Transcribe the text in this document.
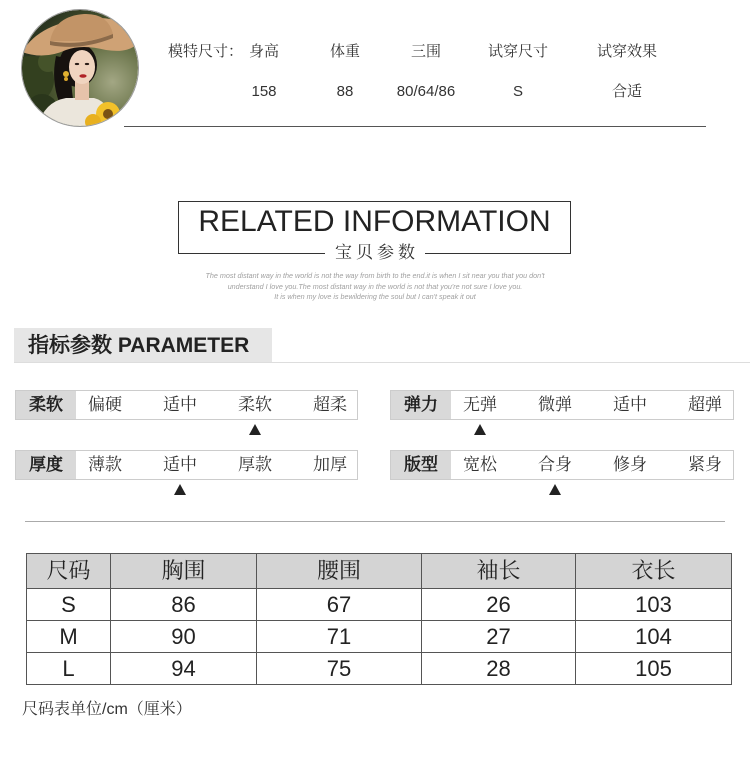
模特尺寸： 身高	体重	三围	试穿尺寸	试穿效果
158	88	80/64/86	S	合适
RELATED INFORMATION
宝贝参数
The most distant way in the world is not the way from birth to the end.it is when I sit near you that you don't
understand I love you.The most distant way in the world is not that you're not sure I love you.
It is when my love is bewildering the soul but I can't speak it out
指标参数 PARAMETER
柔软	偏硬	适中	柔软	超柔	弹力	无弹	微弹	适中	超弹
厚度	薄款	适中	厚款	加厚	版型	宽松	合身	修身	紧身
尺码	胸围	腰围	袖长	衣长
S	86	67	26	103
M	90	71	27	104
L	94	75	28	105
尺码表单位/cm（厘米）
